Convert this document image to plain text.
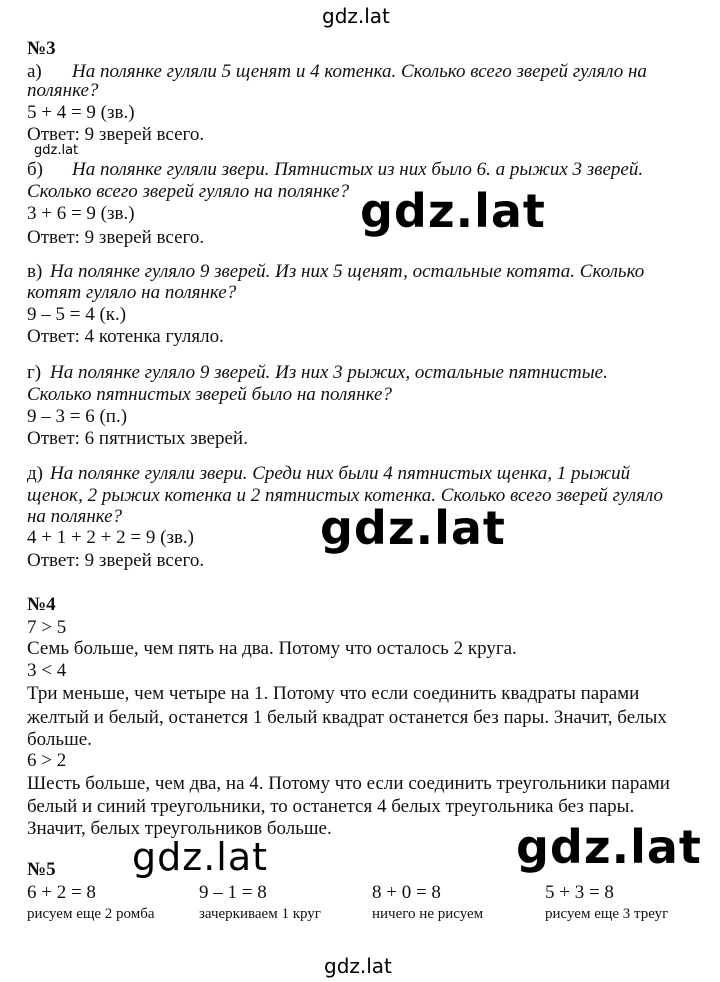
gdz.lat
gdz.lat
gdz.lat
gdz.lat
gdz.lat	gdz.lat
gdz.lat
№3
а) На полянке гуляли 5 щенят и 4 котенка. Сколько всего зверей гуляло на
полянке?
5 + 4 = 9 (зв.)
Ответ: 9 зверей всего.
б) На полянке гуляли звери. Пятнистых из них было 6. а рыжих 3 зверей.
Сколько всего зверей гуляло на полянке?
3 + 6 = 9 (зв.)
Ответ: 9 зверей всего.
в) На полянке гуляло 9 зверей. Из них 5 щенят, остальные котята. Сколько
котят гуляло на полянке?
9 – 5 = 4 (к.)
Ответ: 4 котенка гуляло.
г) На полянке гуляло 9 зверей. Из них 3 рыжих, остальные пятнистые.
Сколько пятнистых зверей было на полянке?
9 – 3 = 6 (п.)
Ответ: 6 пятнистых зверей.
д) На полянке гуляли звери. Среди них были 4 пятнистых щенка, 1 рыжий
щенок, 2 рыжих котенка и 2 пятнистых котенка. Сколько всего зверей гуляло
на полянке?
4 + 1 + 2 + 2 = 9 (зв.)
Ответ: 9 зверей всего.
№4
7 > 5
Семь больше, чем пять на два. Потому что осталось 2 круга.
3 < 4
Три меньше, чем четыре на 1. Потому что если соединить квадраты парами
желтый и белый, останется 1 белый квадрат останется без пары. Значит, белых
больше.
6 > 2
Шесть больше, чем два, на 4. Потому что если соединить треугольники парами
белый и синий треугольники, то останется 4 белых треугольника без пары.
Значит, белых треугольников больше.
№5
6 + 2 = 8
рисуем еще 2 ромба
9 – 1 = 8
зачеркиваем 1 круг
8 + 0 = 8
ничего не рисуем
5 + 3 = 8
рисуем еще 3 треуг
